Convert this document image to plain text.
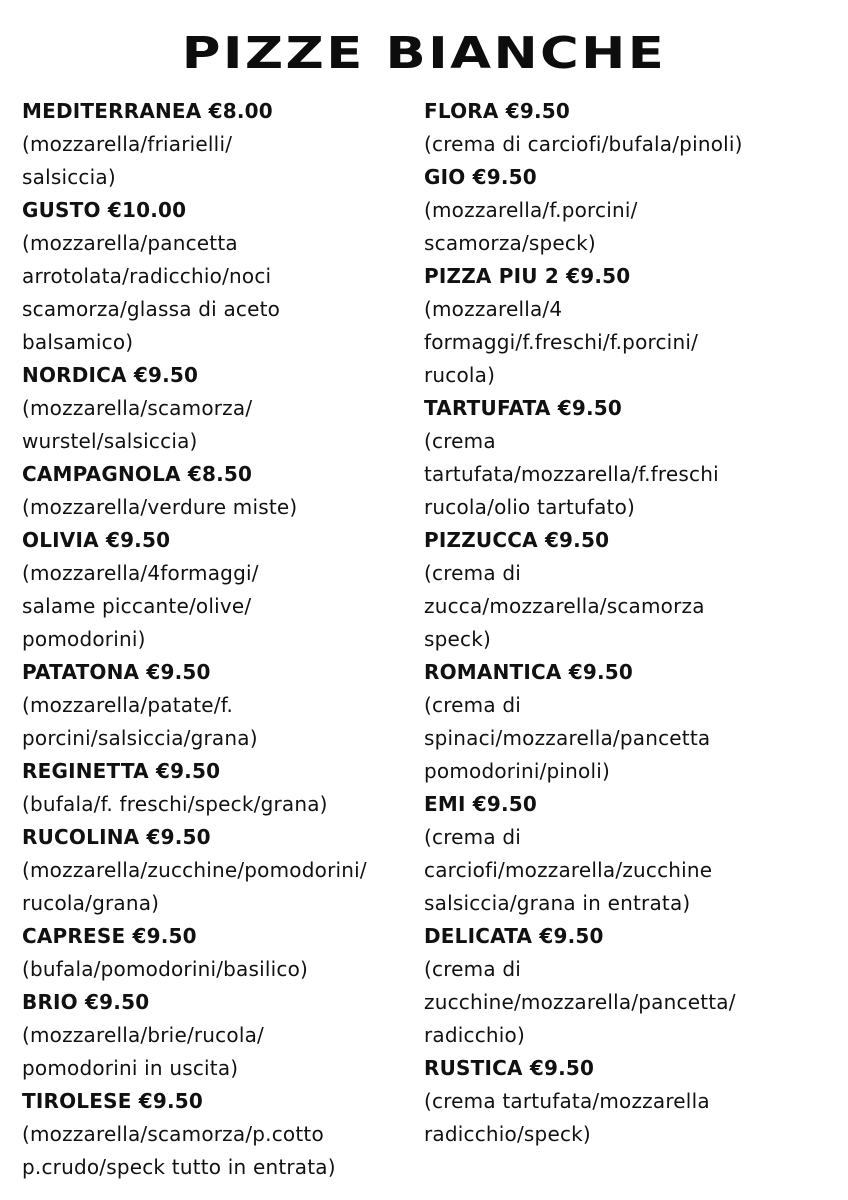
PIZZE BIANCHE
MEDITERRANEA €8.00
(mozzarella/friarielli/
salsiccia)
GUSTO €10.00
(mozzarella/pancetta
arrotolata/radicchio/noci
scamorza/glassa di aceto
balsamico)
NORDICA €9.50
(mozzarella/scamorza/
wurstel/salsiccia)
CAMPAGNOLA €8.50
(mozzarella/verdure miste)
OLIVIA €9.50
(mozzarella/4formaggi/
salame piccante/olive/
pomodorini)
PATATONA €9.50
(mozzarella/patate/f.
porcini/salsiccia/grana)
REGINETTA €9.50
(bufala/f. freschi/speck/grana)
RUCOLINA €9.50
(mozzarella/zucchine/pomodorini/
rucola/grana)
CAPRESE €9.50
(bufala/pomodorini/basilico)
BRIO €9.50
(mozzarella/brie/rucola/
pomodorini in uscita)
TIROLESE €9.50
(mozzarella/scamorza/p.cotto
p.crudo/speck tutto in entrata)
FLORA €9.50
(crema di carciofi/bufala/pinoli)
GIO €9.50
(mozzarella/f.porcini/
scamorza/speck)
PIZZA PIU 2 €9.50
(mozzarella/4
formaggi/f.freschi/f.porcini/
rucola)
TARTUFATA €9.50
(crema
tartufata/mozzarella/f.freschi
rucola/olio tartufato)
PIZZUCCA €9.50
(crema di
zucca/mozzarella/scamorza
speck)
ROMANTICA €9.50
(crema di
spinaci/mozzarella/pancetta
pomodorini/pinoli)
EMI €9.50
(crema di
carciofi/mozzarella/zucchine
salsiccia/grana in entrata)
DELICATA €9.50
(crema di
zucchine/mozzarella/pancetta/
radicchio)
RUSTICA €9.50
(crema tartufata/mozzarella
radicchio/speck)
